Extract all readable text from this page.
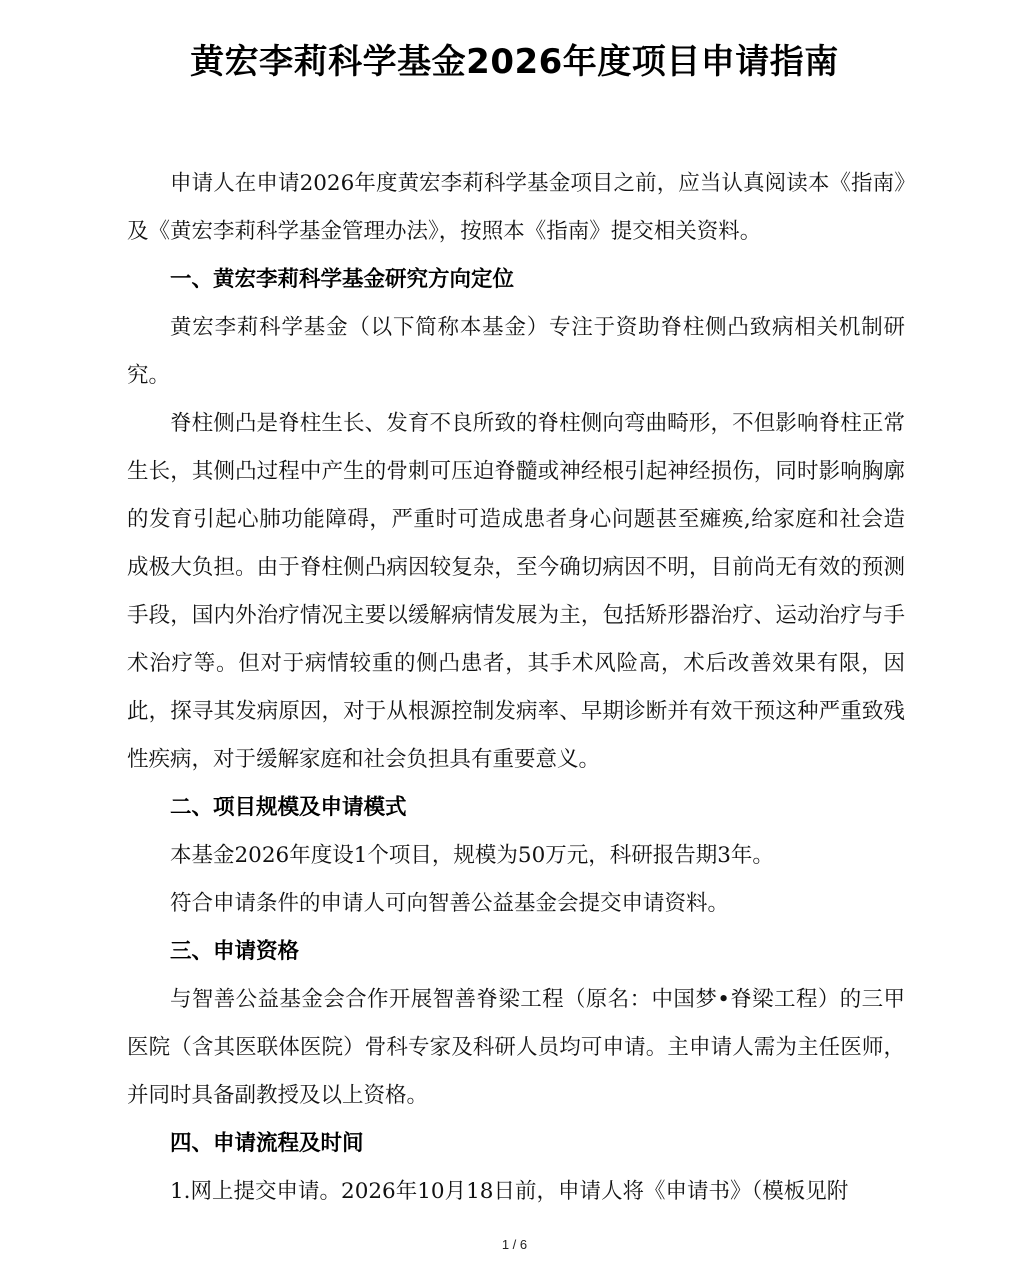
黄宏李莉科学基金2026年度项目申请指南

申请人在申请2026年度黄宏李莉科学基金项目之前，应当认真阅读本《指南》及《黄宏李莉科学基金管理办法》，按照本《指南》提交相关资料。

一、黄宏李莉科学基金研究方向定位

黄宏李莉科学基金（以下简称本基金）专注于资助脊柱侧凸致病相关机制研究。

脊柱侧凸是脊柱生长、发育不良所致的脊柱侧向弯曲畸形，不但影响脊柱正常生长，其侧凸过程中产生的骨刺可压迫脊髓或神经根引起神经损伤，同时影响胸廓的发育引起心肺功能障碍，严重时可造成患者身心问题甚至瘫痪,给家庭和社会造成极大负担。由于脊柱侧凸病因较复杂，至今确切病因不明，目前尚无有效的预测手段，国内外治疗情况主要以缓解病情发展为主，包括矫形器治疗、运动治疗与手术治疗等。但对于病情较重的侧凸患者，其手术风险高，术后改善效果有限，因此，探寻其发病原因，对于从根源控制发病率、早期诊断并有效干预这种严重致残性疾病，对于缓解家庭和社会负担具有重要意义。

二、项目规模及申请模式

本基金2026年度设1个项目，规模为50万元，科研报告期3年。

符合申请条件的申请人可向智善公益基金会提交申请资料。

三、申请资格

与智善公益基金会合作开展智善脊梁工程（原名：中国梦•脊梁工程）的三甲医院（含其医联体医院）骨科专家及科研人员均可申请。主申请人需为主任医师，并同时具备副教授及以上资格。

四、申请流程及时间

1.网上提交申请。2026年10月18日前，申请人将《申请书》（模板见附

1 / 6
